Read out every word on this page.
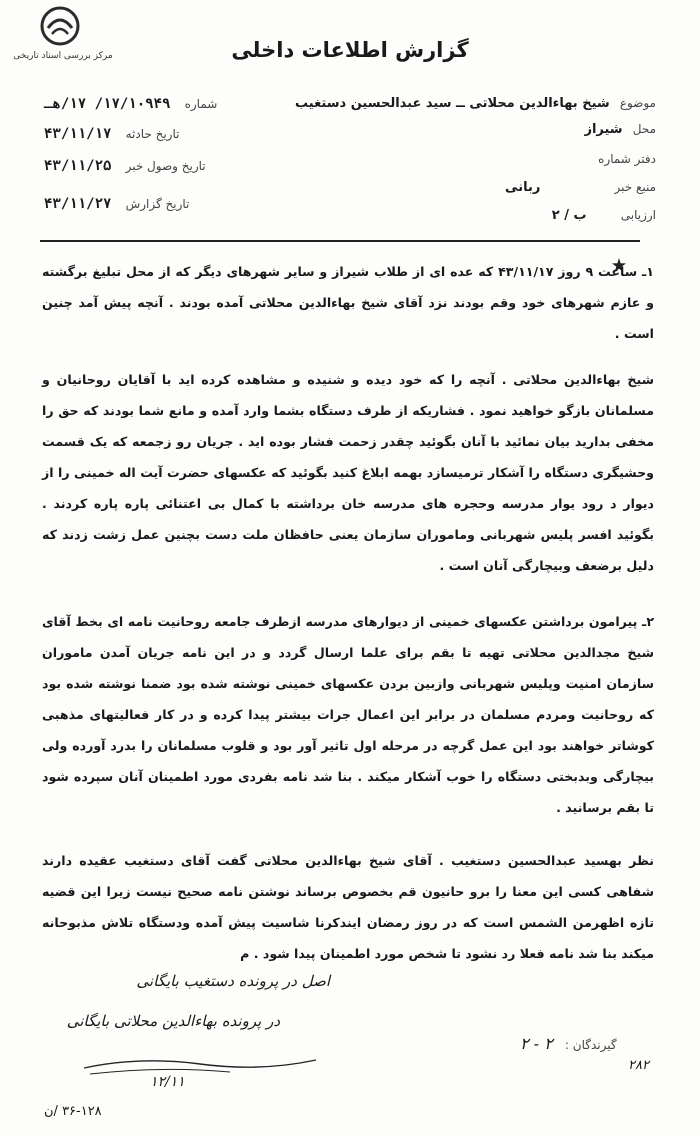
مرکز بررسی اسناد تاریخی	گزارش اطلاعات داخلی
موضوع شیخ بهاءالدین محلاتی ــ سید عبدالحسین دستغیب
محل شیراز
دفتر شماره
منبع خبر ربانی
ارزیابی ب / ۲
شماره ۱۷/۱۰۹۴۹/ ۱۷/هـ
تاریخ حادثه ۴۳/۱۱/۱۷
تاریخ وصول خبر ۴۳/۱۱/۲۵
تاریخ گزارش ۴۳/۱۱/۲۷
۱ـ ساعت ۹ روز ۴۳/۱۱/۱۷ که عده ای از طلاب شیراز و سایر شهرهای دیگر که از محل تبلیغ برگشته و عازم شهرهای خود وقم بودند نزد آقای شیخ بهاءالدین محلاتی آمده بودند . آنچه پیش آمد چنین است .
شیخ بهاءالدین محلاتی . آنچه را که خود دیده و شنیده و مشاهده کرده اید با آقایان روحانیان و مسلمانان بازگو خواهید نمود . فشاریکه از طرف دستگاه بشما وارد آمده و مانع شما بودند که حق را مخفی بدارید بیان نمائید با آنان بگوئید چقدر زحمت فشار بوده اید . جریان رو زجمعه که یک قسمت وحشیگری دستگاه را آشکار ترمیسازد بهمه ابلاغ کنید بگوئید که عکسهای حضرت آیت اله خمینی را از دیوار د رود یوار مدرسه وحجره های مدرسه خان برداشته با کمال بی اعتنائی پاره پاره کردند . بگوئید افسر پلیس شهربانی وماموران سازمان یعنی حافظان ملت دست بچنین عمل زشت زدند که دلیل برضعف وبیچارگی آنان است .
۲ـ پیرامون برداشتن عکسهای خمینی از دیوارهای مدرسه ازطرف جامعه روحانیت نامه ای بخط آقای شیخ مجدالدین محلاتی تهیه تا بقم برای علما ارسال گردد و در این نامه جریان آمدن ماموران سازمان امنیت وپلیس شهربانی وازبین بردن عکسهای خمینی نوشته شده بود ضمنا نوشته شده بود که روحانیت ومردم مسلمان در برابر این اعمال جرات بیشتر پیدا کرده و در کار فعالیتهای مذهبی کوشاتر خواهند بود این عمل گرچه در مرحله اول تاثیر آور بود و قلوب مسلمانان را بدرد آورده ولی بیچارگی وبدبختی دستگاه را خوب آشکار میکند . بنا شد نامه بفردی مورد اطمینان آنان سپرده شود تا بقم برسانید .
نظر بهسید عبدالحسین دستغیب . آقای شیخ بهاءالدین محلاتی گفت آقای دستغیب عقیده دارند شفاهی کسی این معنا را برو حانیون قم بخصوص برساند نوشتن نامه صحیح نیست زیرا این قضیه تازه اظهرمن الشمس است که در روز رمضان ایندکرنا شاسیت پیش آمده ودستگاه تلاش مذبوحانه میکند بنا شد نامه فعلا رد نشود تا شخص مورد اطمینان پیدا شود . م
اصل در پرونده دستغیب بایگانی
در پرونده بهاءالدین محلاتی بایگانی
گیرندگان : ۲ - ۲
۲۸۲
۱۲/۱۱
۳۶-۱۲۸ /ن
